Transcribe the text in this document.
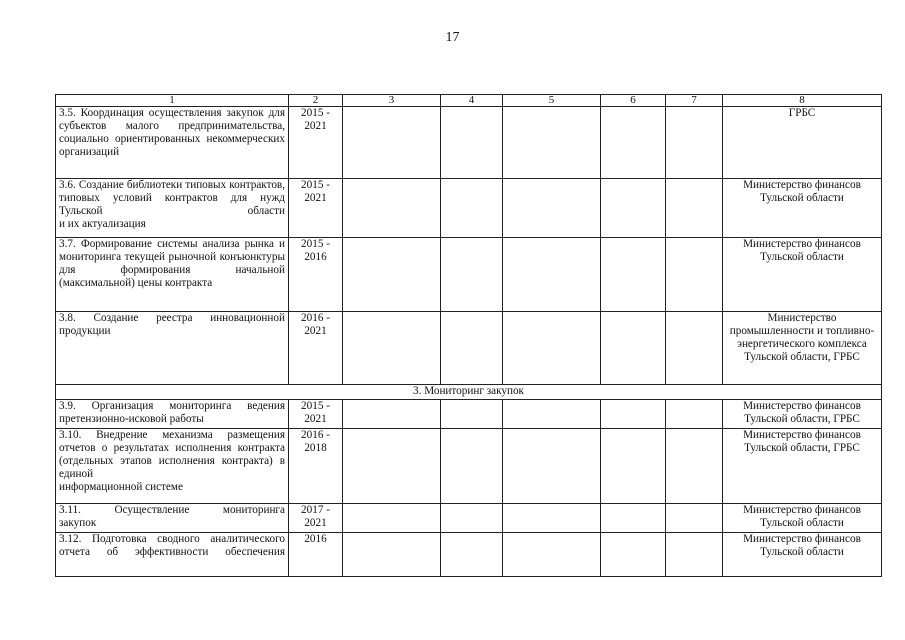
17
1	2	3	4	5	6	7	8
3.5. Координация осуществления закупок для субъектов малого предпринимательства, социально ориентированных некоммерческих
организаций	2015 - 2021						ГРБС
3.6. Создание библиотеки типовых контрактов, типовых условий контрактов для нужд Тульской области
и их актуализация	2015 - 2021						Министерство финансов Тульской области
3.7. Формирование системы анализа рынка и мониторинга текущей рыночной конъюнктуры для формирования начальной
(максимальной) цены контракта	2015 - 2016						Министерство финансов Тульской области
3.8. Создание реестра инновационной
продукции	2016 - 2021						Министерство промышленности и топливно-энергетического комплекса Тульской области, ГРБС
3. Мониторинг закупок							
3.9. Организация мониторинга ведения
претензионно-исковой работы	2015 - 2021						Министерство финансов Тульской области, ГРБС
3.10. Внедрение механизма размещения отчетов о результатах исполнения контракта (отдельных этапов исполнения контракта) в единой
информационной системе	2016 - 2018						Министерство финансов Тульской области, ГРБС
3.11. Осуществление мониторинга
закупок	2017 - 2021						Министерство финансов Тульской области
3.12. Подготовка сводного аналитического отчета об эффективности обеспечения	2016						Министерство финансов Тульской области
